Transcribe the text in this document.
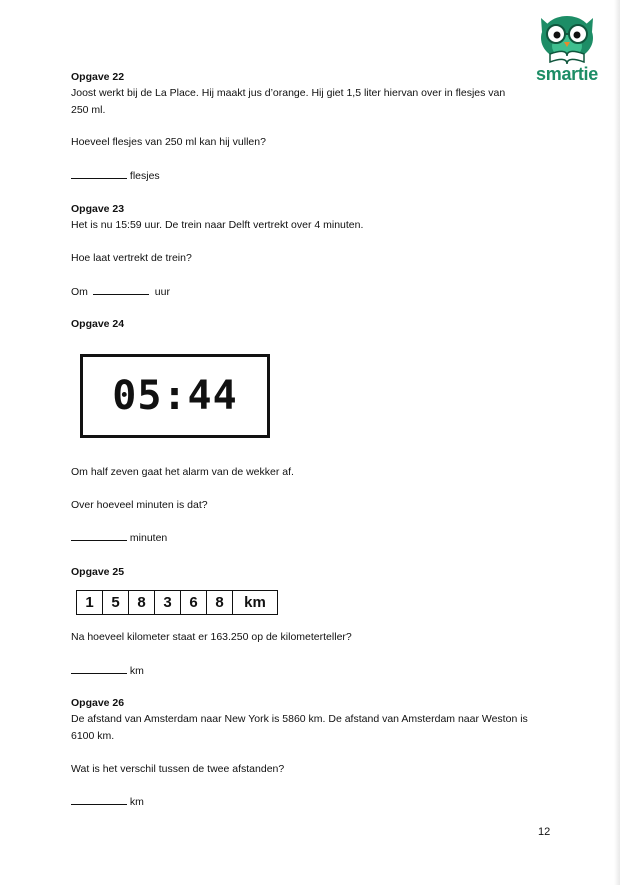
smartie
Opgave 22
Joost werkt bij de La Place. Hij maakt jus d’orange. Hij giet 1,5 liter hiervan over in flesjes van
250 ml.
Hoeveel flesjes van 250 ml kan hij vullen?
flesjes
Opgave 23
Het is nu 15:59 uur. De trein naar Delft vertrekt over 4 minuten.
Hoe laat vertrekt de trein?
Om	uur
Opgave 24
05:44
Om half zeven gaat het alarm van de wekker af.
Over hoeveel minuten is dat?
minuten
Opgave 25
1	5	8	3	6	8	km
Na hoeveel kilometer staat er 163.250 op de kilometerteller?
km
Opgave 26
De afstand van Amsterdam naar New York is 5860 km. De afstand van Amsterdam naar Weston is
6100 km.
Wat is het verschil tussen de twee afstanden?
km
12
